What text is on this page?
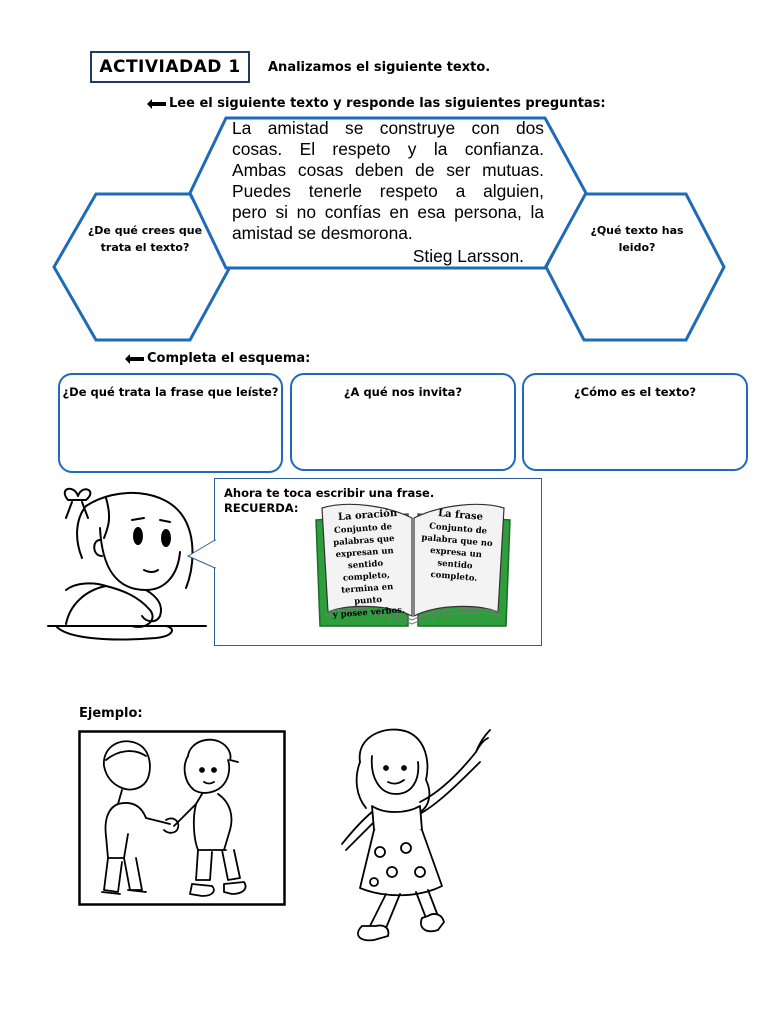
ACTIVIADAD 1	Analizamos el siguiente texto.
Lee el siguiente texto y responde las siguientes preguntas:
La amistad se construye con dos
cosas. El respeto y la confianza.
Ambas cosas deben de ser mutuas.
Puedes tenerle respeto a alguien,
pero si no confías en esa persona, la
amistad se desmorona.
Stieg Larsson.
¿De qué crees que
trata el texto?
¿Qué texto has
leido?
Completa el esquema:
¿De qué trata la frase que leíste?	¿A qué nos invita?	¿Cómo es el texto?
Ahora te toca escribir una frase.
RECUERDA:	La oración
Conjunto de
palabras que
expresan un
sentido completo,
termina en punto
y posee verbos.
La frase
Conjunto de
palabra que no
expresa un
sentido
completo.
Ejemplo:
